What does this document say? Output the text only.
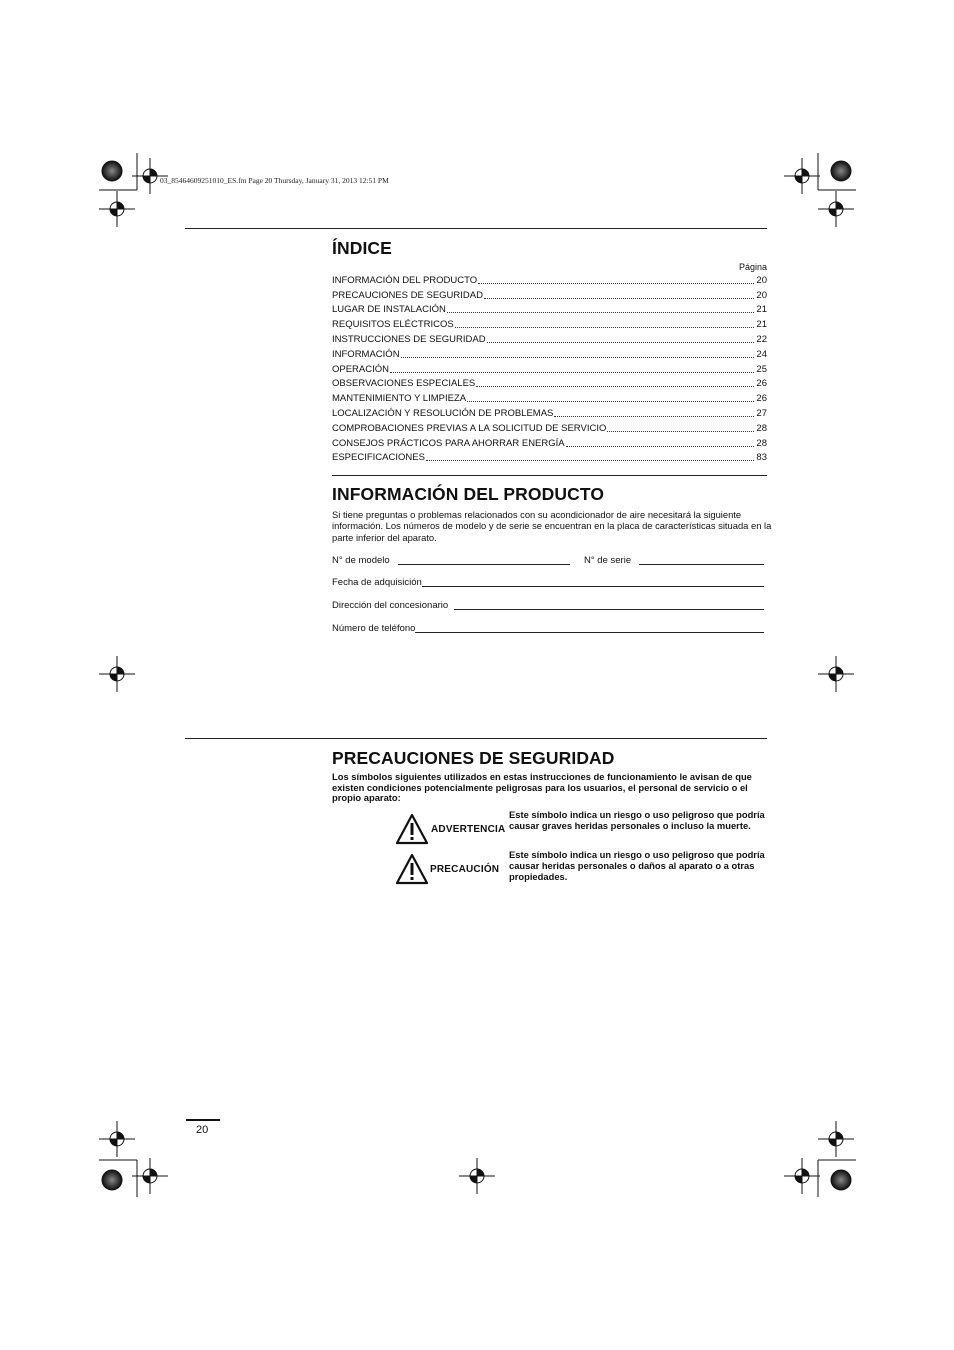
03_85464609251010_ES.fm Page 20 Thursday, January 31, 2013 12:51 PM
ÍNDICE
Página
INFORMACIÓN DEL PRODUCTO	20
PRECAUCIONES DE SEGURIDAD	20
LUGAR DE INSTALACIÓN	21
REQUISITOS ELÉCTRICOS	21
INSTRUCCIONES DE SEGURIDAD	22
INFORMACIÓN	24
OPERACIÓN	25
OBSERVACIONES ESPECIALES	26
MANTENIMIENTO Y LIMPIEZA	26
LOCALIZACIÓN Y RESOLUCIÓN DE PROBLEMAS	27
COMPROBACIONES PREVIAS A LA SOLICITUD DE SERVICIO	28
CONSEJOS PRÁCTICOS PARA AHORRAR ENERGÍA	28
ESPECIFICACIONES	83
INFORMACIÓN DEL PRODUCTO

Si tiene preguntas o problemas relacionados con su acondicionador de aire necesitará la siguiente información. Los números de modelo y de serie se encuentran en la placa de características situada en la parte inferior del aparato.

N° de modelo	N° de serie
Fecha de adquisición
Dirección del concesionario
Número de teléfono
PRECAUCIONES DE SEGURIDAD

Los símbolos siguientes utilizados en estas instrucciones de funcionamiento le avisan de que existen condiciones potencialmente peligrosas para los usuarios, el personal de servicio o el propio aparato:

ADVERTENCIA

Este símbolo indica un riesgo o uso peligroso que podría causar graves heridas personales o incluso la muerte.

PRECAUCIÓN

Este símbolo indica un riesgo o uso peligroso que podría causar heridas personales o daños al aparato o a otras propiedades.

20
